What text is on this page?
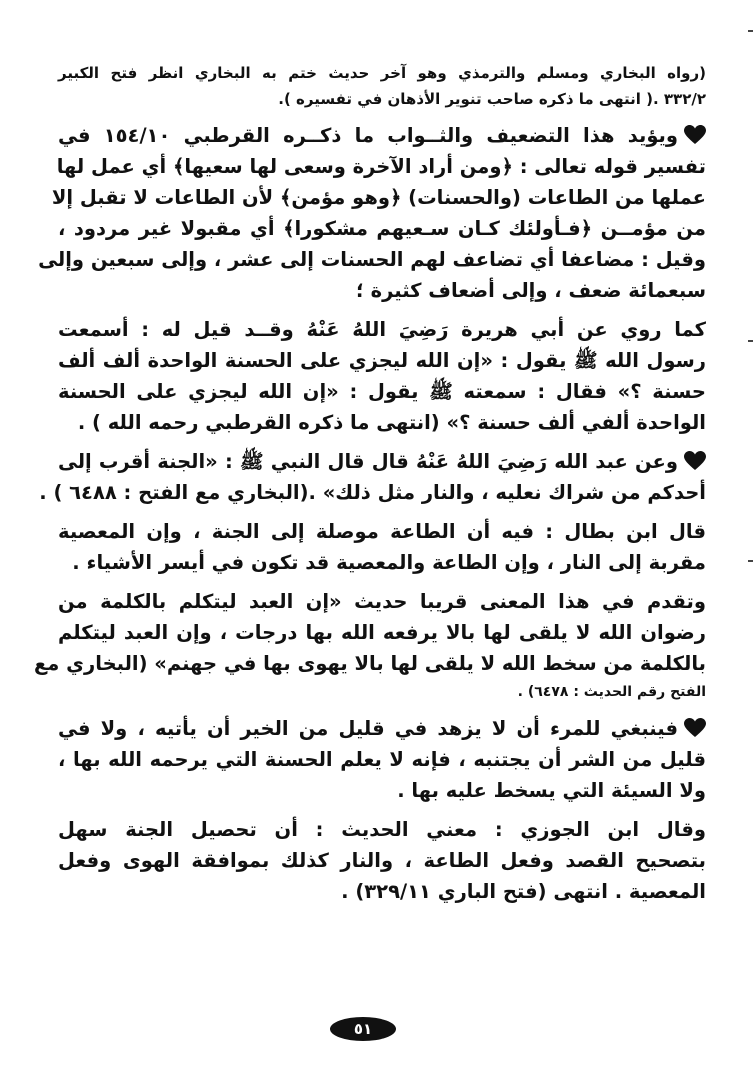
(رواه البخاري ومسلم والترمذي وهو آخر حديث ختم به البخاري انظر فتح الكبير
٣٣٢/٢ .( انتهى ما ذكره صاحب تنوير الأذهان في تفسيره ).
ويؤيد هذا التضعيف والثــواب ما ذكــره القرطبي ١٥٤/١٠ في
تفسير قوله تعالى : ﴿ومن أراد الآخرة وسعى لها سعيها﴾ أي عمل لها
عملها من الطاعات (والحسنات) ﴿وهو مؤمن﴾ لأن الطاعات لا تقبل إلا
من مؤمــن ﴿فـأولئك كـان سـعيهم مشكورا﴾ أي مقبولا غير مردود ،
وقيل : مضاعفا أي تضاعف لهم الحسنات إلى عشر ، وإلى سبعين وإلى
سبعمائة ضعف ، وإلى أضعاف كثيرة ؛
كما روي عن أبي هريرة رَضِيَ اللهُ عَنْهُ وقــد قيل له : أسمعت
رسول الله ﷺ يقول : «إن الله ليجزي على الحسنة الواحدة ألف ألف
حسنة ؟» فقال : سمعته ﷺ يقول : «إن الله ليجزي على الحسنة
الواحدة ألفي ألف حسنة ؟» (انتهى ما ذكره القرطبي رحمه الله ) .
وعن عبد الله رَضِيَ اللهُ عَنْهُ قال قال النبي ﷺ : «الجنة أقرب إلى
أحدكم من شراك نعليه ، والنار مثل ذلك» .(البخاري مع الفتح : ٦٤٨٨ ) .
قال ابن بطال : فيه أن الطاعة موصلة إلى الجنة ، وإن المعصية
مقربة إلى النار ، وإن الطاعة والمعصية قد تكون في أيسر الأشياء .
وتقدم في هذا المعنى قريبا حديث «إن العبد ليتكلم بالكلمة من
رضوان الله لا يلقى لها بالا يرفعه الله بها درجات ، وإن العبد ليتكلم
بالكلمة من سخط الله لا يلقى لها بالا يهوى بها في جهنم» (البخاري مع
الفتح رقم الحديث : ٦٤٧٨) .
فينبغي للمرء أن لا يزهد في قليل من الخير أن يأتيه ، ولا في
قليل من الشر أن يجتنبه ، فإنه لا يعلم الحسنة التي يرحمه الله بها ،
ولا السيئة التي يسخط عليه بها .
وقال ابن الجوزي : معني الحديث : أن تحصيل الجنة سهل
بتصحيح القصد وفعل الطاعة ، والنار كذلك بموافقة الهوى وفعل
المعصية . انتهى (فتح الباري ٣٢٩/١١) .
٥١
